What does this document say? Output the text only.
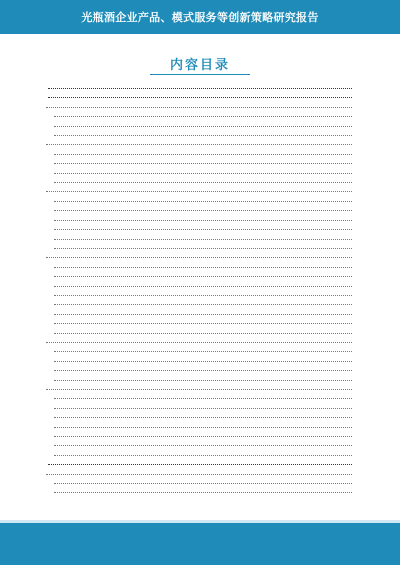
光瓶酒企业产品、模式服务等创新策略研究报告
内容目录
